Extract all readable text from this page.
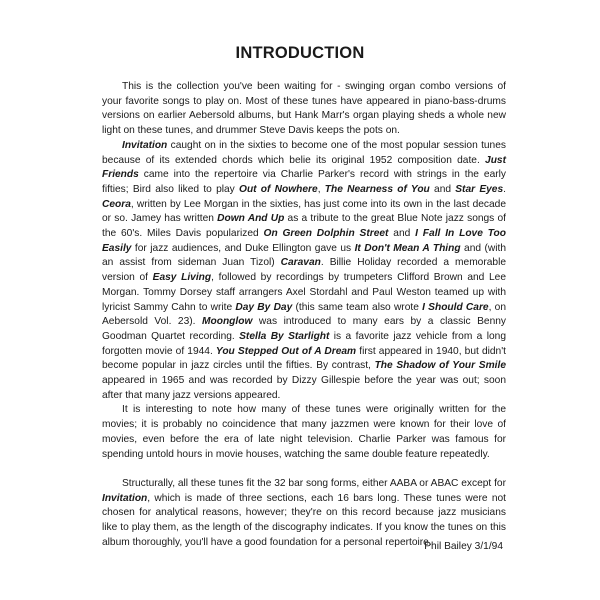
INTRODUCTION

This is the collection you've been waiting for - swinging organ combo versions of your favorite songs to play on. Most of these tunes have appeared in piano-bass-drums versions on earlier Aebersold albums, but Hank Marr's organ playing sheds a whole new light on these tunes, and drummer Steve Davis keeps the pots on.

Invitation caught on in the sixties to become one of the most popular session tunes because of its extended chords which belie its original 1952 composition date. Just Friends came into the repertoire via Charlie Parker's record with strings in the early fifties; Bird also liked to play Out of Nowhere, The Nearness of You and Star Eyes. Ceora, written by Lee Morgan in the sixties, has just come into its own in the last decade or so. Jamey has written Down And Up as a tribute to the great Blue Note jazz songs of the 60's. Miles Davis popularized On Green Dolphin Street and I Fall In Love Too Easily for jazz audiences, and Duke Ellington gave us It Don't Mean A Thing and (with an assist from sideman Juan Tizol) Caravan. Billie Holiday recorded a memorable version of Easy Living, followed by recordings by trumpeters Clifford Brown and Lee Morgan. Tommy Dorsey staff arrangers Axel Stordahl and Paul Weston teamed up with lyricist Sammy Cahn to write Day By Day (this same team also wrote I Should Care, on Aebersold Vol. 23). Moonglow was introduced to many ears by a classic Benny Goodman Quartet recording. Stella By Starlight is a favorite jazz vehicle from a long forgotten movie of 1944. You Stepped Out of A Dream first appeared in 1940, but didn't become popular in jazz circles until the fifties. By contrast, The Shadow of Your Smile appeared in 1965 and was recorded by Dizzy Gillespie before the year was out; soon after that many jazz versions appeared.

It is interesting to note how many of these tunes were originally written for the movies; it is probably no coincidence that many jazzmen were known for their love of movies, even before the era of late night television. Charlie Parker was famous for spending untold hours in movie houses, watching the same double feature repeatedly.

Structurally, all these tunes fit the 32 bar song forms, either AABA or ABAC except for Invitation, which is made of three sections, each 16 bars long. These tunes were not chosen for analytical reasons, however; they're on this record because jazz musicians like to play them, as the length of the discography indicates. If you know the tunes on this album thoroughly, you'll have a good foundation for a personal repertoire.

Phil Bailey 3/1/94
